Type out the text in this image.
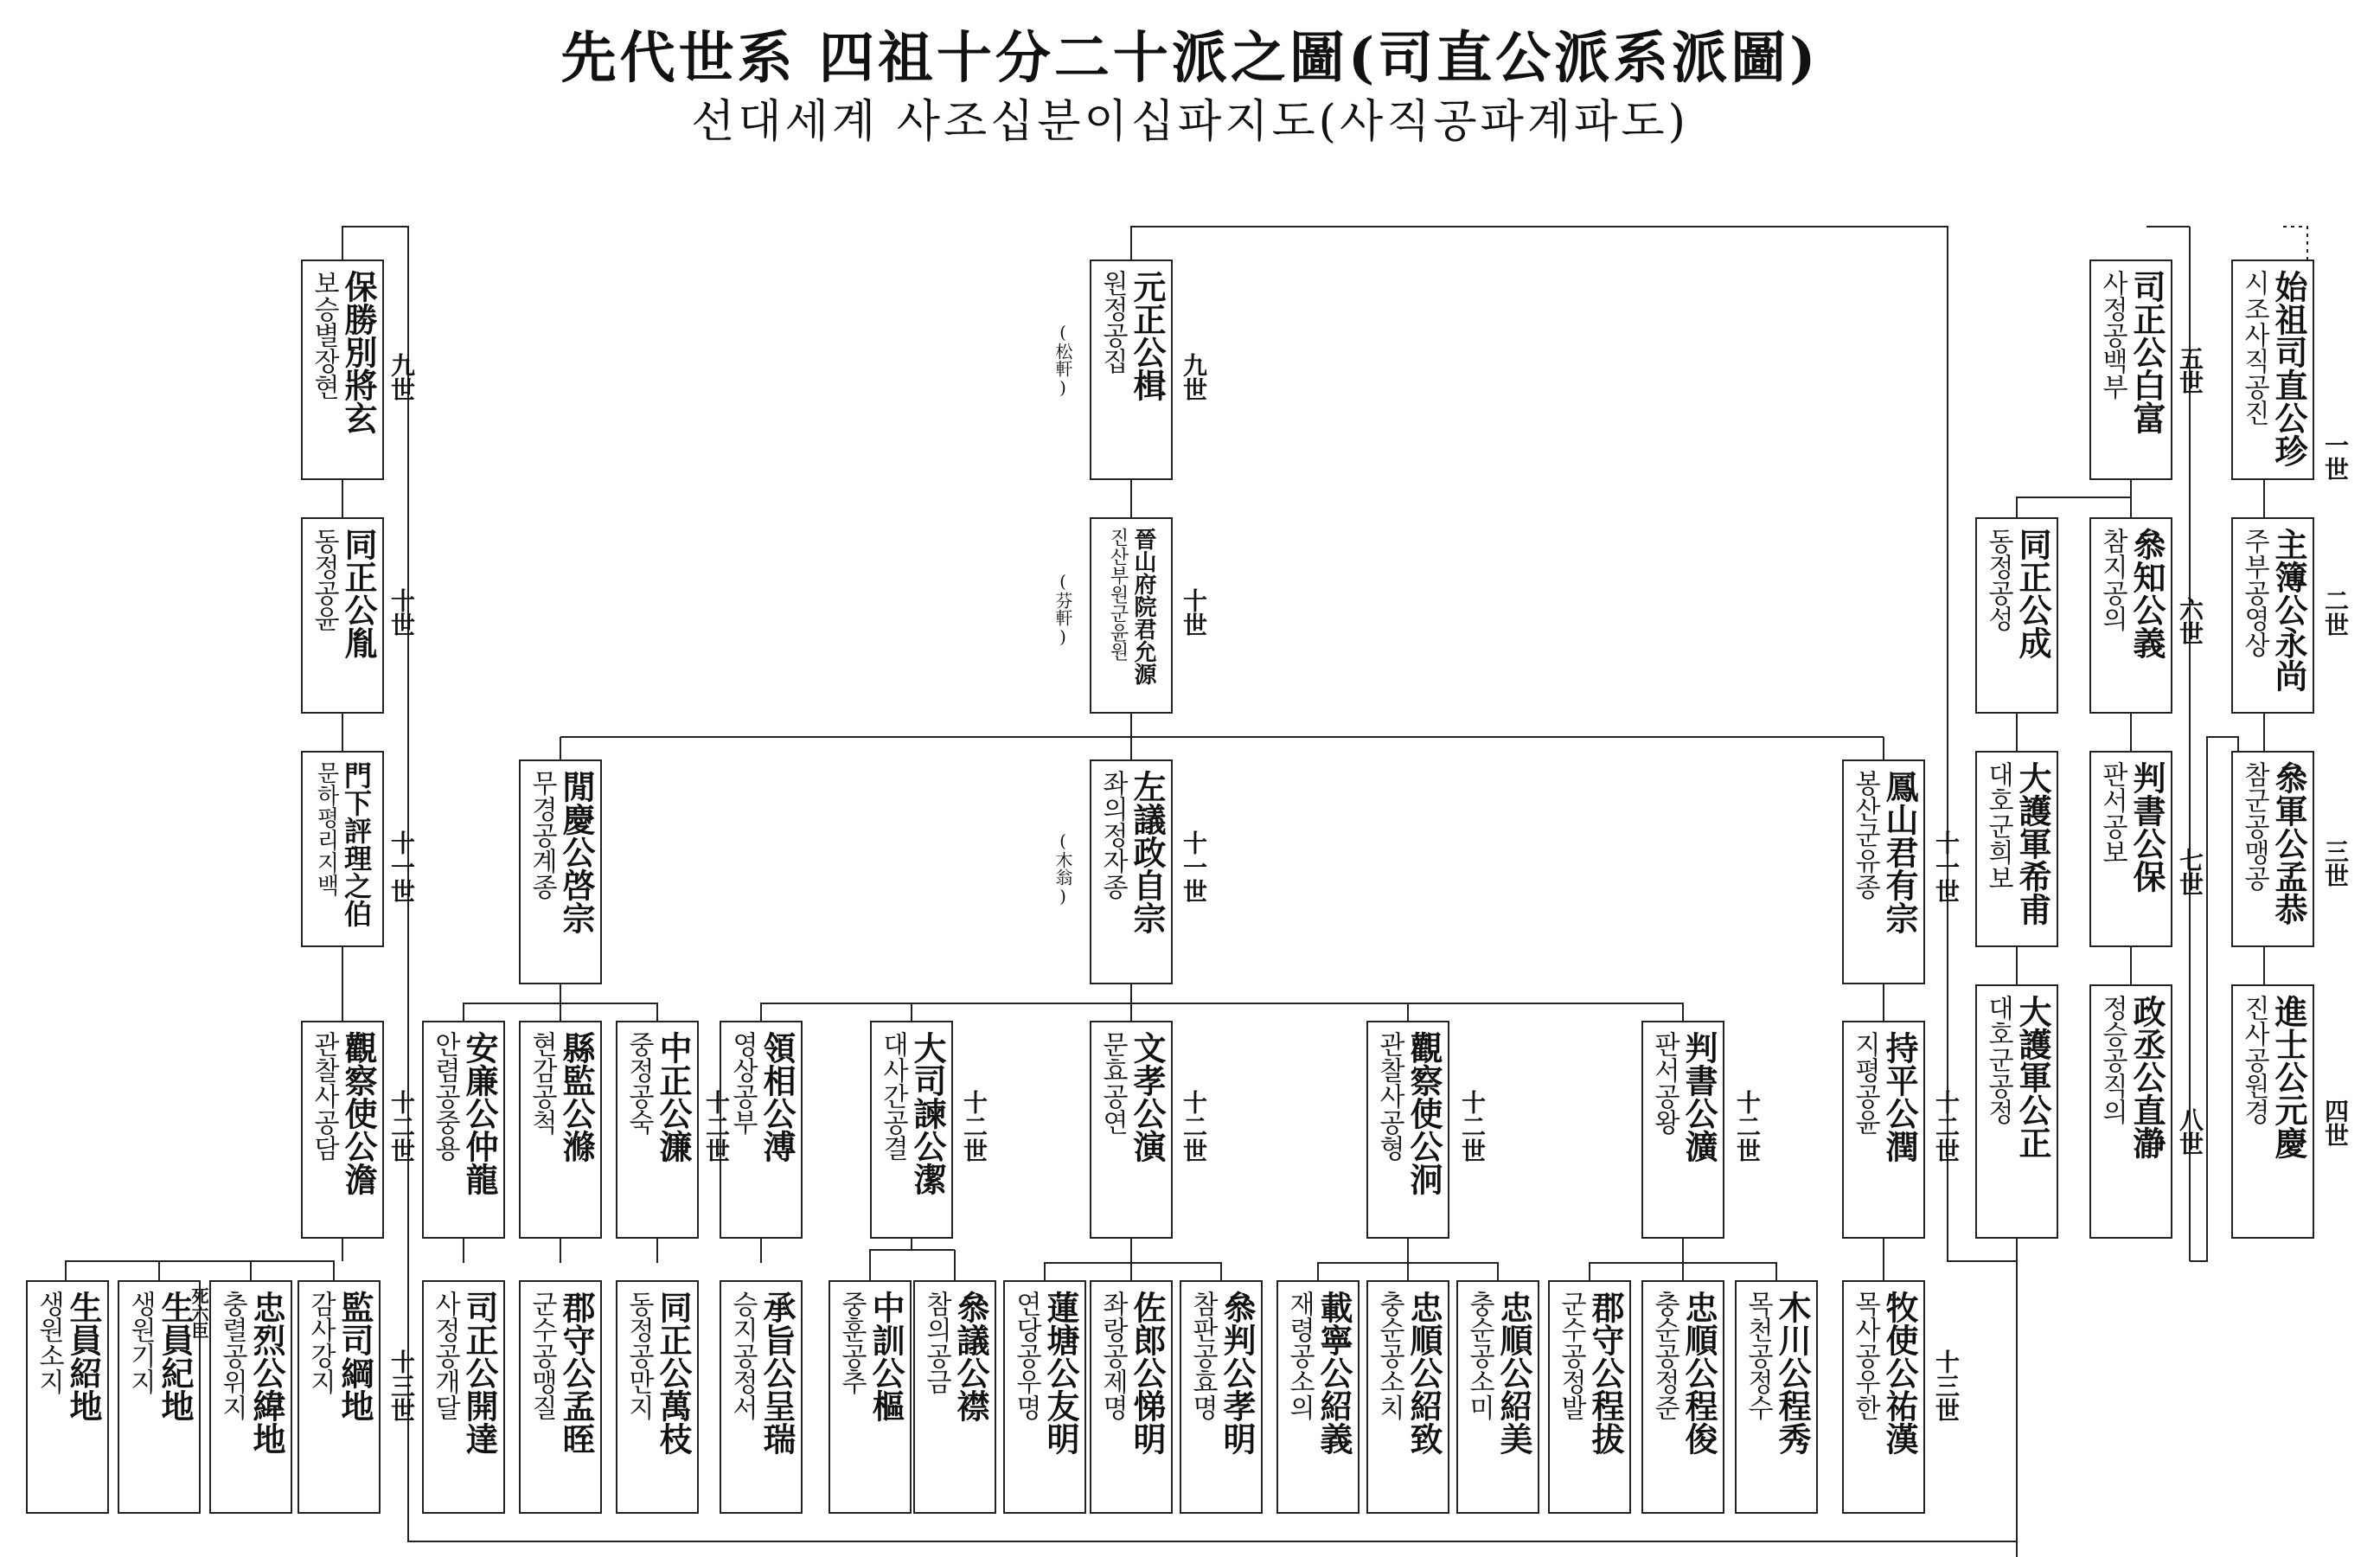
先代世系 四祖十分二十派之圖(司直公派系派圖)
선대세계 사조십분이십파지도(사직공파계파도)
始祖司直公珍
시조사직공진
主簿公永尚
주부공영상
叅軍公孟恭
참군공맹공
進士公元慶
진사공원경
司正公白富
사정공백부
叅知公義
참지공의
同正公成
동정공성
判書公保
판서공보
大護軍希甫
대호군희보
政丞公直瀞
정승공직의
大護軍公正
대호군공정
元正公楫
원정공집
晉山府院君允源
진산부원군윤원
閒慶公啓宗
무경공계종	左議政自宗
좌의정자종	鳳山君有宗
봉산군유종
安廉公仲龍
안렴공중용	縣監公滌
현감공척	中正公濂
중정공숙	領相公溥
영상공부	大司諫公潔
대사간공결	文孝公演
문효공연	觀察使公泂
관찰사공형	判書公瀇
판서공왕	持平公潤
지평공윤
司正公開達
사정공개달	郡守公孟晊
군수공맹질	同正公萬枝
동정공만지	承旨公呈瑞
승지공정서	中訓公樞
중훈공추	叅議公襟
참의공금	蓮塘公友明
연당공우명	佐郎公悌明
좌랑공제명	叅判公孝明
참판공효명	載寧公紹義
재령공소의	忠順公紹致
충순공소치	忠順公紹美
충순공소미	郡守公程拔
군수공정발	忠順公程俊
충순공정준	木川公程秀
목천공정수	牧使公祐漢
목사공우한
保勝別將玄
보승별장현
同正公胤
동정공윤
門下評理之伯
문하평리지백
觀察使公澹
관찰사공담
生員紹地
생원소지	生員紀地
생원기지	忠烈公緯地
충렬공위지	監司綱地
감사강지
(松軒)
(芬軒)
(木翁)
死六臣
一世
二世
三世
四世
五世
六世
七世
八世
九世
十世
十一世	十一世
十二世	十二世	十二世	十二世
十二世
十二世
十三世
九世
十世
十一世
十二世
十三世
